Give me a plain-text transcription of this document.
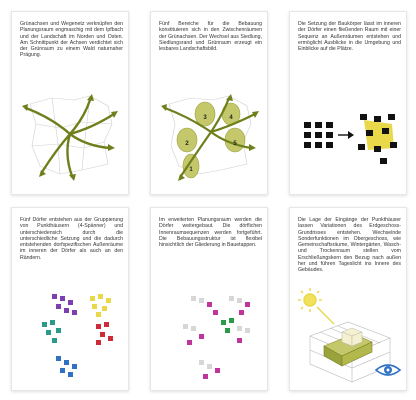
Grünachsen und Wegenetz verknüpfen den Planungsraum engmaschig mit dem Ipfbach und der Landschaft im Norden und Osten. Am Schnittpunkt der Achsen verdichtet sich der Grünraum zu einem Wald naturnaher Prägung.
Fünf Bereiche für die Bebauung konstituieren sich in den Zwischenräumen der Grünachsen. Der Wechsel aus Siedlung, Siedlungsrand und Grünraum erzeugt ein lesbares Landschaftsbild.
1
2
3	4
5
Die Setzung der Baukörper lässt im inneren der Dörfer einen fließenden Raum mit einer Sequenz an Außenräumen entstehen und ermöglicht Ausblicke in die Umgebung und Einblicke auf die Plätze.
Fünf Dörfer entstehen aus der Gruppierung von Punkthäusern (4-Spänner) und unterschiedensich durch die unterschiedliche Setzung und die dadurch entstehenden dorfspezifischen Außenräume im inneren der Dörfer als auch an den Rändern.
Im erweiterten Planungsraum werden die Dörfer weitergebaut. Die dörflichen Innenraumsequenzen werden fortgeführt. Die Bebauungsstruktur ist flexibel hinsichtlich der Gliederung in Bauetappen.
Die Lage der Eingänge der Punkthäuser lassen Variationen des Erdgeschoss-Grundrisses entstehen. Wechselnde Sonderfunktionen im Obergeschoss, wie Gemeinschaftsräume, Wintergärten, Wasch- und Trockenraum stellen vom Erschließungskern den Bezug nach außen her und führen Tageslicht ins Innere des Gebäudes.
